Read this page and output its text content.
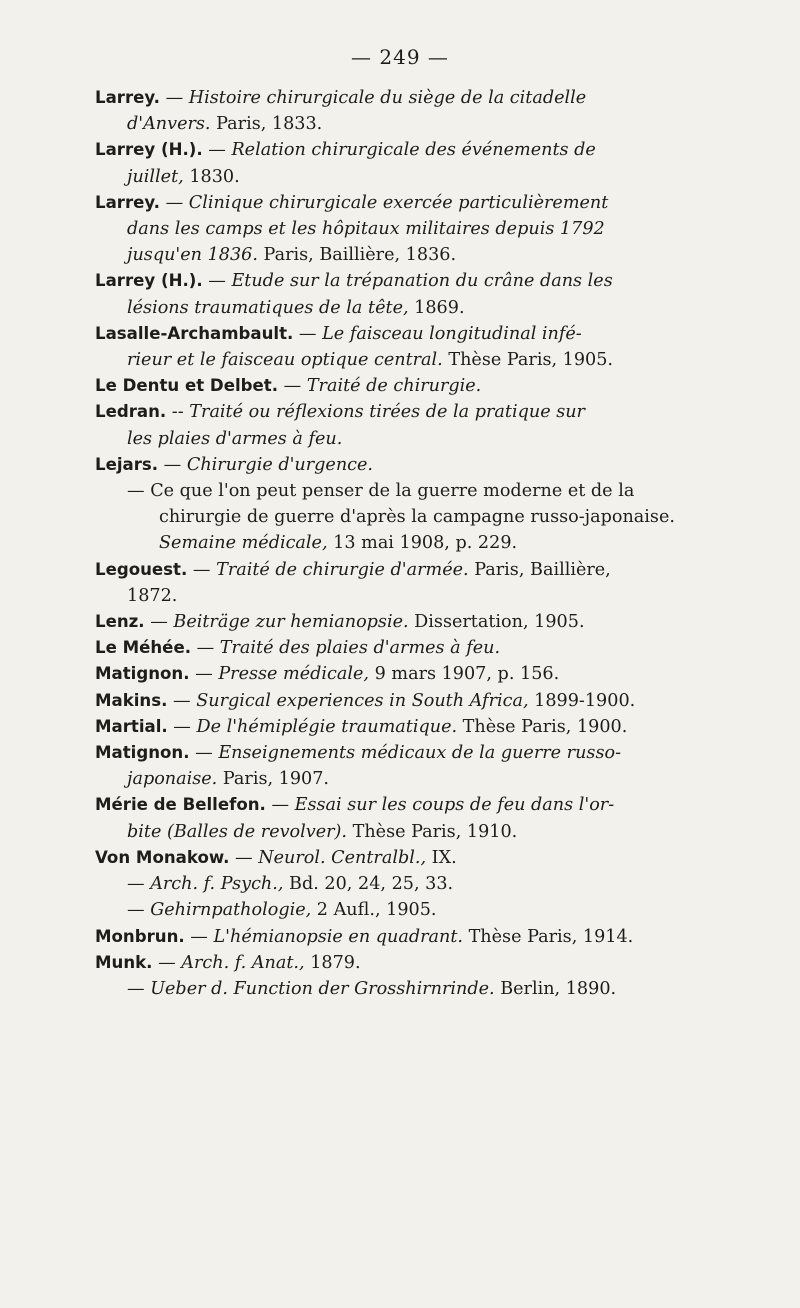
— 249 —
Larrey. — Histoire chirurgicale du siège de la citadelle
d'Anvers. Paris, 1833.
Larrey (H.). — Relation chirurgicale des événements de
juillet, 1830.
Larrey. — Clinique chirurgicale exercée particulièrement
dans les camps et les hôpitaux militaires depuis 1792
jusqu'en 1836. Paris, Baillière, 1836.
Larrey (H.). — Etude sur la trépanation du crâne dans les
lésions traumatiques de la tête, 1869.
Lasalle-Archambault. — Le faisceau longitudinal infé-
rieur et le faisceau optique central. Thèse Paris, 1905.
Le Dentu et Delbet. — Traité de chirurgie.
Ledran. -- Traité ou réflexions tirées de la pratique sur
les plaies d'armes à feu.
Lejars. — Chirurgie d'urgence.
— Ce que l'on peut penser de la guerre moderne et de la
chirurgie de guerre d'après la campagne russo-japonaise.
Semaine médicale, 13 mai 1908, p. 229.
Legouest. — Traité de chirurgie d'armée. Paris, Baillière,
1872.
Lenz. — Beiträge zur hemianopsie. Dissertation, 1905.
Le Méhée. — Traité des plaies d'armes à feu.
Matignon. — Presse médicale, 9 mars 1907, p. 156.
Makins. — Surgical experiences in South Africa, 1899-1900.
Martial. — De l'hémiplégie traumatique. Thèse Paris, 1900.
Matignon. — Enseignements médicaux de la guerre russo-
japonaise. Paris, 1907.
Mérie de Bellefon. — Essai sur les coups de feu dans l'or-
bite (Balles de revolver). Thèse Paris, 1910.
Von Monakow. — Neurol. Centralbl., IX.
— Arch. f. Psych., Bd. 20, 24, 25, 33.
— Gehirnpathologie, 2 Aufl., 1905.
Monbrun. — L'hémianopsie en quadrant. Thèse Paris, 1914.
Munk. — Arch. f. Anat., 1879.
— Ueber d. Function der Grosshirnrinde. Berlin, 1890.
